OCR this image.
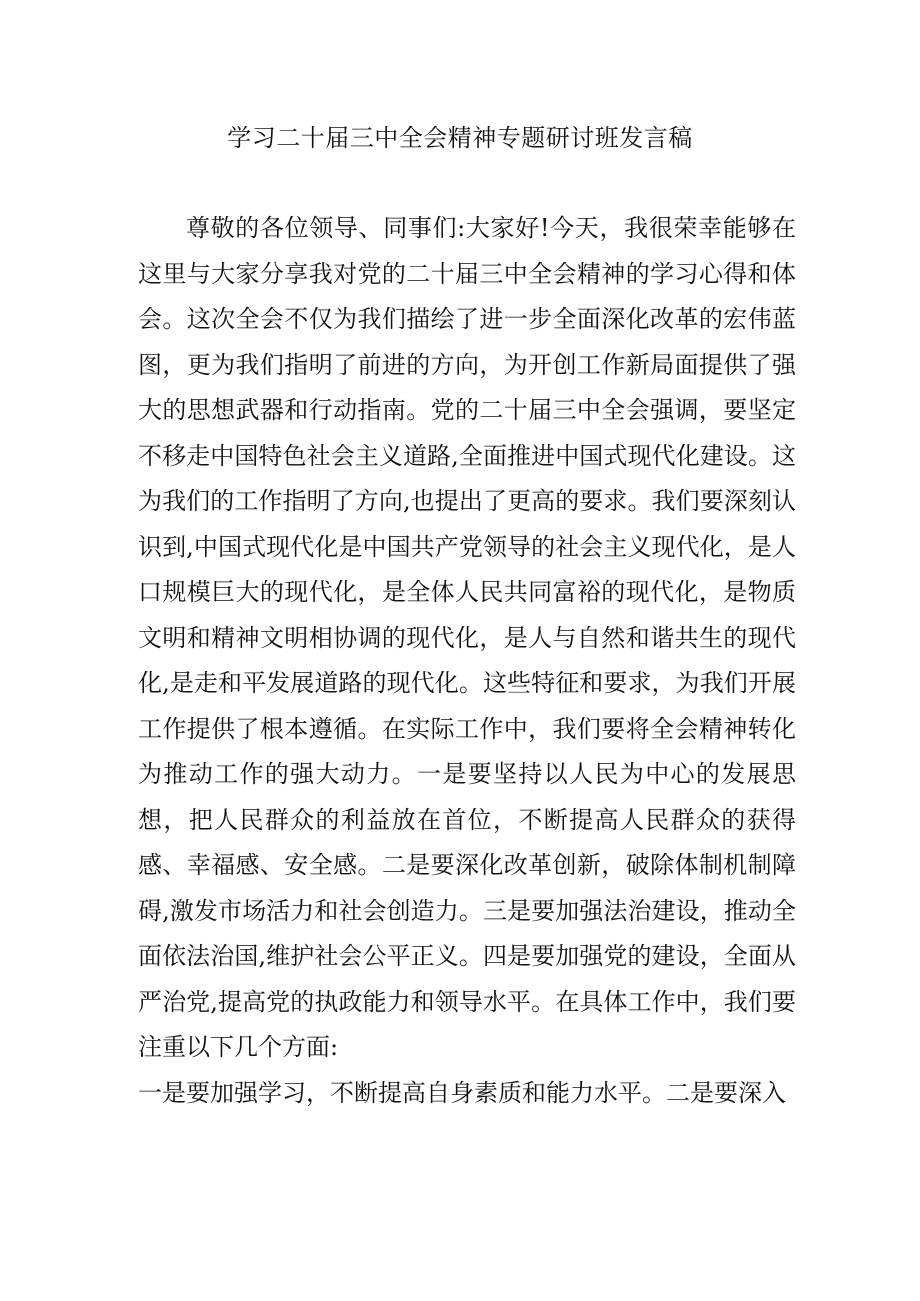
学习二十届三中全会精神专题研讨班发言稿

尊敬的各位领导、同事们:大家好!今天，我很荣幸能够在这里与大家分享我对党的二十届三中全会精神的学习心得和体会。这次全会不仅为我们描绘了进一步全面深化改革的宏伟蓝图，更为我们指明了前进的方向，为开创工作新局面提供了强大的思想武器和行动指南。党的二十届三中全会强调，要坚定不移走中国特色社会主义道路,全面推进中国式现代化建设。这为我们的工作指明了方向,也提出了更高的要求。我们要深刻认识到,中国式现代化是中国共产党领导的社会主义现代化，是人口规模巨大的现代化，是全体人民共同富裕的现代化，是物质文明和精神文明相协调的现代化，是人与自然和谐共生的现代化,是走和平发展道路的现代化。这些特征和要求，为我们开展工作提供了根本遵循。在实际工作中，我们要将全会精神转化为推动工作的强大动力。一是要坚持以人民为中心的发展思想，把人民群众的利益放在首位，不断提高人民群众的获得感、幸福感、安全感。二是要深化改革创新，破除体制机制障碍,激发市场活力和社会创造力。三是要加强法治建设，推动全面依法治国,维护社会公平正义。四是要加强党的建设，全面从严治党,提高党的执政能力和领导水平。在具体工作中，我们要注重以下几个方面:

一是要加强学习，不断提高自身素质和能力水平。二是要深入
